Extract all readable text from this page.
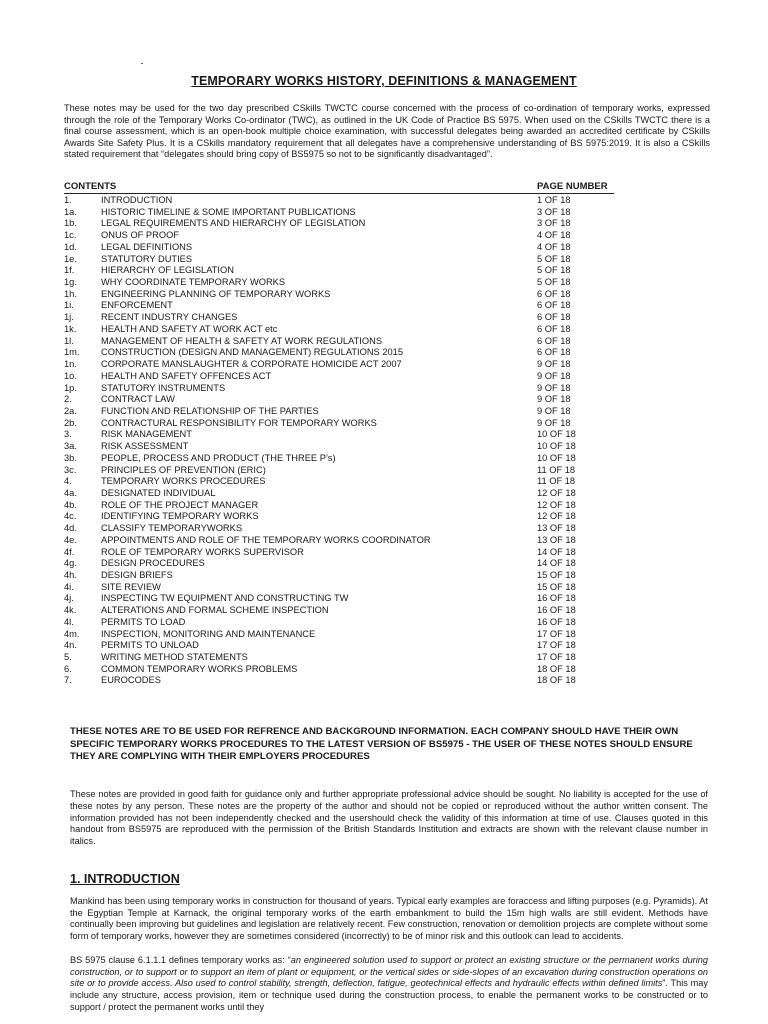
TEMPORARY WORKS HISTORY, DEFINITIONS & MANAGEMENT
These notes may be used for the two day prescribed CSkills TWCTC course concerned with the process of co-ordination of temporary works, expressed through the role of the Temporary Works Co-ordinator (TWC), as outlined in the UK Code of Practice BS 5975. When used on the CSkills TWCTC there is a final course assessment, which is an open-book multiple choice examination, with successful delegates being awarded an accredited certificate by CSkills Awards Site Safety Plus. It is a CSkills mandatory requirement that all delegates have a comprehensive understanding of BS 5975:2019. It is also a CSkills stated requirement that “delegates should bring copy of BS5975 so not to be significantly disadvantaged”.
CONTENTS	PAGE NUMBER
1.	INTRODUCTION	1 OF 18
1a.	HISTORIC TIMELINE & SOME IMPORTANT PUBLICATIONS	3 OF 18
1b.	LEGAL REQUIREMENTS AND HIERARCHY OF LEGISLATION	3 OF 18
1c.	ONUS OF PROOF	4 OF 18
1d.	LEGAL DEFINITIONS	4 OF 18
1e.	STATUTORY DUTIES	5 OF 18
1f.	HIERARCHY OF LEGISLATION	5 OF 18
1g.	WHY COORDINATE TEMPORARY WORKS	5 OF 18
1h.	ENGINEERING PLANNING OF TEMPORARY WORKS	6 OF 18
1i.	ENFORCEMENT	6 OF 18
1j.	RECENT INDUSTRY CHANGES	6 OF 18
1k.	HEALTH AND SAFETY AT WORK ACT etc	6 OF 18
1l.	MANAGEMENT OF HEALTH & SAFETY AT WORK REGULATIONS	6 OF 18
1m. CONSTRUCTION (DESIGN AND MANAGEMENT) REGULATIONS 2015	6 OF 18
1n.	CORPORATE MANSLAUGHTER & CORPORATE HOMICIDE ACT 2007	9 OF 18
1o.	HEALTH AND SAFETY OFFENCES ACT	9 OF 18
1p.	STATUTORY INSTRUMENTS	9 OF 18
2.	CONTRACT LAW	9 OF 18
2a.	FUNCTION AND RELATIONSHIP OF THE PARTIES	9 OF 18
2b.	CONTRACTURAL RESPONSIBILITY FOR TEMPORARY WORKS	9 OF 18
3.	RISK MANAGEMENT	10 OF 18
3a.	RISK ASSESSMENT	10 OF 18
3b.	PEOPLE, PROCESS AND PRODUCT (THE THREE P’s)	10 OF 18
3c.	PRINCIPLES OF PREVENTION (ERIC)	11 OF 18
4.	TEMPORARY WORKS PROCEDURES	11 OF 18
4a.	DESIGNATED INDIVIDUAL	12 OF 18
4b.	ROLE OF THE PROJECT MANAGER	12 OF 18
4c.	IDENTIFYING TEMPORARY WORKS	12 OF 18
4d.	CLASSIFY TEMPORARYWORKS	13 OF 18
4e.	APPOINTMENTS AND ROLE OF THE TEMPORARY WORKS COORDINATOR	13 OF 18
4f.	ROLE OF TEMPORARY WORKS SUPERVISOR	14 OF 18
4g.	DESIGN PROCEDURES	14 OF 18
4h.	DESIGN BRIEFS	15 OF 18
4i.	SITE REVIEW	15 OF 18
4j.	INSPECTING TW EQUIPMENT AND CONSTRUCTING TW	16 OF 18
4k.	ALTERATIONS AND FORMAL SCHEME INSPECTION	16 OF 18
4l.	PERMITS TO LOAD	16 OF 18
4m. INSPECTION, MONITORING AND MAINTENANCE	17 OF 18
4n.	PERMITS TO UNLOAD	17 OF 18
5.	WRITING METHOD STATEMENTS	17 OF 18
6.	COMMON TEMPORARY WORKS PROBLEMS	18 OF 18
7.	EUROCODES	18 OF 18
THESE NOTES ARE TO BE USED FOR REFRENCE AND BACKGROUND INFORMATION. EACH COMPANY SHOULD HAVE THEIR OWN SPECIFIC TEMPORARY WORKS PROCEDURES TO THE LATEST VERSION OF BS5975 - THE USER OF THESE NOTES SHOULD ENSURE THEY ARE COMPLYING WITH THEIR EMPLOYERS PROCEDURES
These notes are provided in good faith for guidance only and further appropriate professional advice should be sought. No liability is accepted for the use of these notes by any person. These notes are the property of the author and should not be copied or reproduced without the author written consent. The information provided has not been independently checked and the usershould check the validity of this information at time of use. Clauses quoted in this handout from BS5975 are reproduced with the permission of the British Standards Institution and extracts are shown with the relevant clause number in italics.
1. INTRODUCTION
Mankind has been using temporary works in construction for thousand of years. Typical early examples are foraccess and lifting purposes (e.g. Pyramids). At the Egyptian Temple at Karnack, the original temporary works of the earth embankment to build the 15m high walls are still evident. Methods have continually been improving but guidelines and legislation are relatively recent. Few construction, renovation or demolition projects are complete without some form of temporary works, however they are sometimes considered (incorrectly) to be of minor risk and this outlook can lead to accidents.
BS 5975 clause 6.1.1.1 defines temporary works as: “an engineered solution used to support or protect an existing structure or the permanent works during construction, or to support or to support an item of plant or equipment, or the vertical sides or side-slopes of an excavation during construction operations on site or to provide access. Also used to control stability, strength, deflection, fatigue, geotechnical effects and hydraulic effects within defined limits”. This may include any structure, access provision, item or technique used during the construction process, to enable the permanent works to be constructed or to support / protect the permanent works until they
